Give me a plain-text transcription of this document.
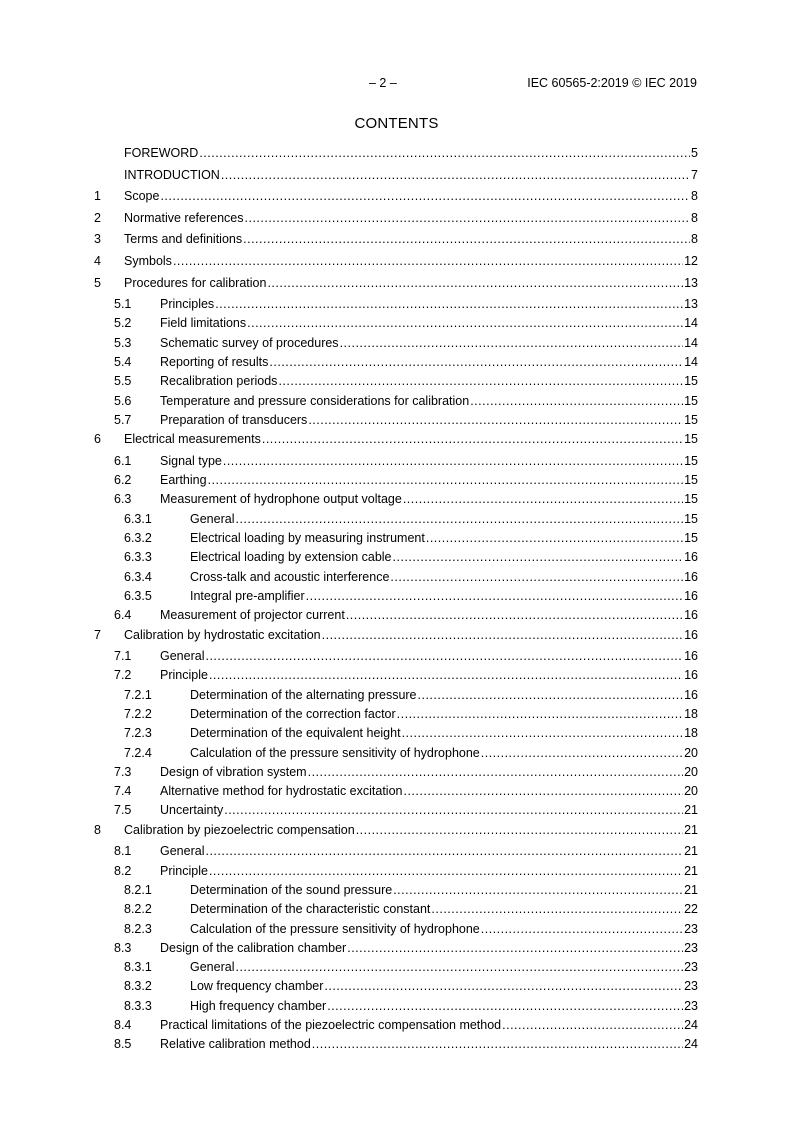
– 2 –	IEC 60565-2:2019 © IEC 2019
CONTENTS
FOREWORD .....	5
INTRODUCTION .....	7
1	Scope .....	8
2	Normative references .....	8
3	Terms and definitions .....	8
4	Symbols .....	12
5	Procedures for calibration .....	13
5.1	Principles .....	13
5.2	Field limitations .....	14
5.3	Schematic survey of procedures .....	14
5.4	Reporting of results .....	14
5.5	Recalibration periods .....	15
5.6	Temperature and pressure considerations for calibration .....	15
5.7	Preparation of transducers .....	15
6	Electrical measurements .....	15
6.1	Signal type .....	15
6.2	Earthing .....	15
6.3	Measurement of hydrophone output voltage .....	15
6.3.1	General .....	15
6.3.2	Electrical loading by measuring instrument .....	15
6.3.3	Electrical loading by extension cable .....	16
6.3.4	Cross-talk and acoustic interference .....	16
6.3.5	Integral pre-amplifier .....	16
6.4	Measurement of projector current .....	16
7	Calibration by hydrostatic excitation .....	16
7.1	General .....	16
7.2	Principle .....	16
7.2.1	Determination of the alternating pressure .....	16
7.2.2	Determination of the correction factor .....	18
7.2.3	Determination of the equivalent height .....	18
7.2.4	Calculation of the pressure sensitivity of hydrophone .....	20
7.3	Design of vibration system .....	20
7.4	Alternative method for hydrostatic excitation .....	20
7.5	Uncertainty .....	21
8	Calibration by piezoelectric compensation .....	21
8.1	General .....	21
8.2	Principle .....	21
8.2.1	Determination of the sound pressure .....	21
8.2.2	Determination of the characteristic constant .....	22
8.2.3	Calculation of the pressure sensitivity of hydrophone .....	23
8.3	Design of the calibration chamber .....	23
8.3.1	General .....	23
8.3.2	Low frequency chamber .....	23
8.3.3	High frequency chamber .....	23
8.4	Practical limitations of the piezoelectric compensation method .....	24
8.5	Relative calibration method .....	24
